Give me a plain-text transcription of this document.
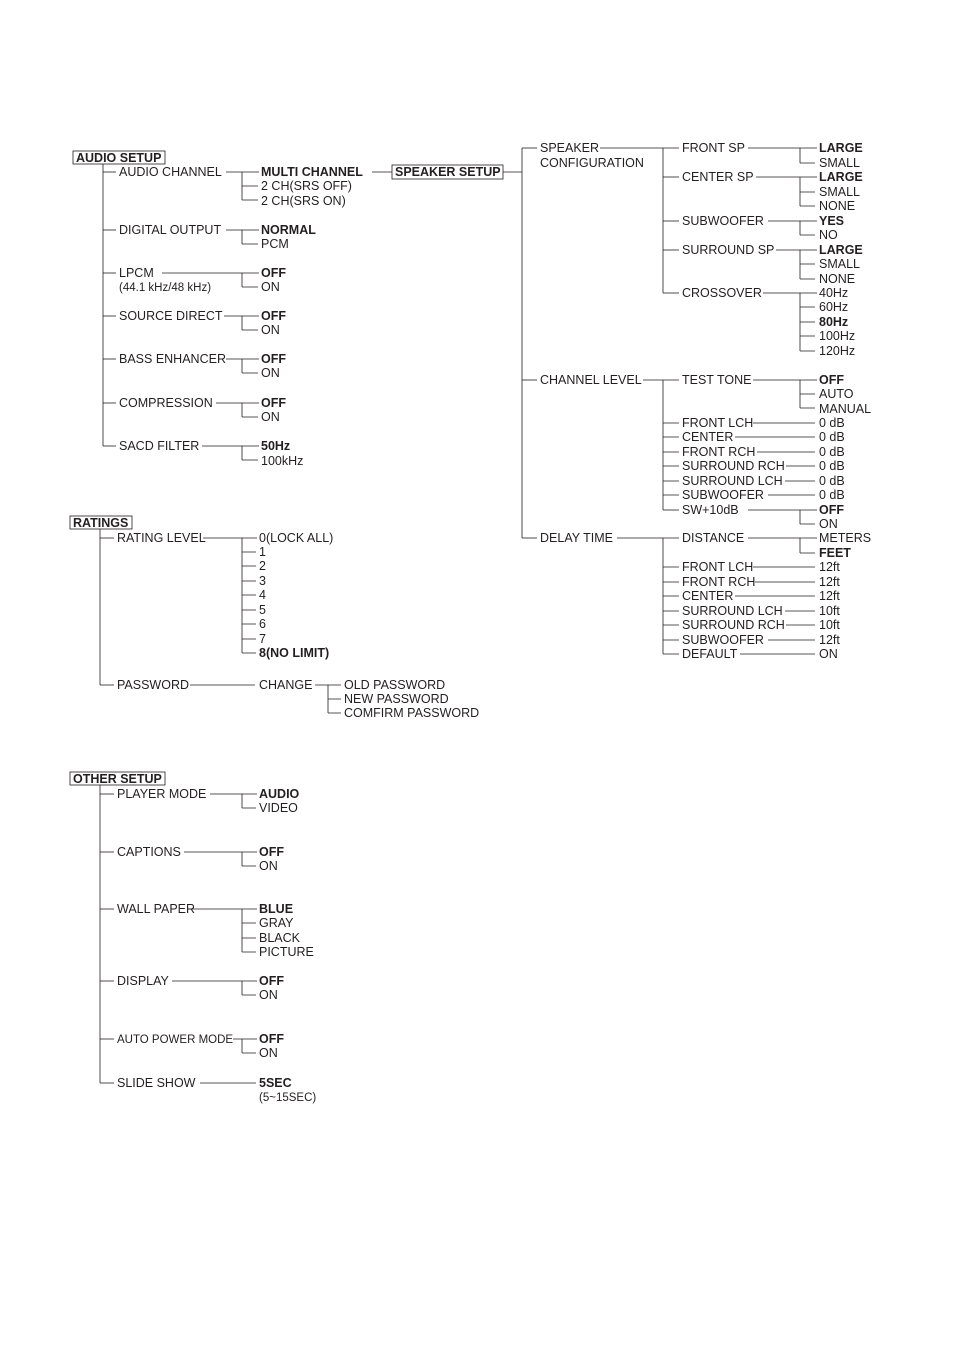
AUDIO SETUP
AUDIO CHANNEL	MULTI CHANNEL
2 CH(SRS OFF)
2 CH(SRS ON)
DIGITAL OUTPUT	NORMAL
PCM
LPCM
(44.1 kHz/48 kHz)
OFF
ON
SOURCE DIRECT	OFF
ON
BASS ENHANCER	OFF
ON
COMPRESSION	OFF
ON
SACD FILTER	50Hz
100kHz
SPEAKER SETUP
SPEAKER
CONFIGURATION
FRONT SP	LARGE
SMALL
CENTER SP	LARGE
SMALL
NONE
SUBWOOFER	YES
NO
SURROUND SP	LARGE
SMALL
NONE
CROSSOVER	40Hz
60Hz
80Hz
100Hz
120Hz
CHANNEL LEVEL	TEST TONE	OFF
AUTO
MANUAL
FRONT LCH	0 dB
CENTER	0 dB
FRONT RCH	0 dB
SURROUND RCH	0 dB
SURROUND LCH	0 dB
SUBWOOFER	0 dB
SW+10dB	OFF
ON
DELAY TIME	DISTANCE	METERS
FEET
FRONT LCH	12ft
FRONT RCH	12ft
CENTER	12ft
SURROUND LCH	10ft
SURROUND RCH	10ft
SUBWOOFER	12ft
DEFAULT	ON
RATINGS
RATING LEVEL	0(LOCK ALL)
1
2
3
4
5
6
7
8(NO LIMIT)
PASSWORD	CHANGE	OLD PASSWORD
NEW PASSWORD
COMFIRM PASSWORD
OTHER SETUP
PLAYER MODE	AUDIO
VIDEO
CAPTIONS	OFF
ON
WALL PAPER	BLUE
GRAY
BLACK
PICTURE
DISPLAY	OFF
ON
AUTO POWER MODE OFF
ON
SLIDE SHOW	5SEC
(5~15SEC)
